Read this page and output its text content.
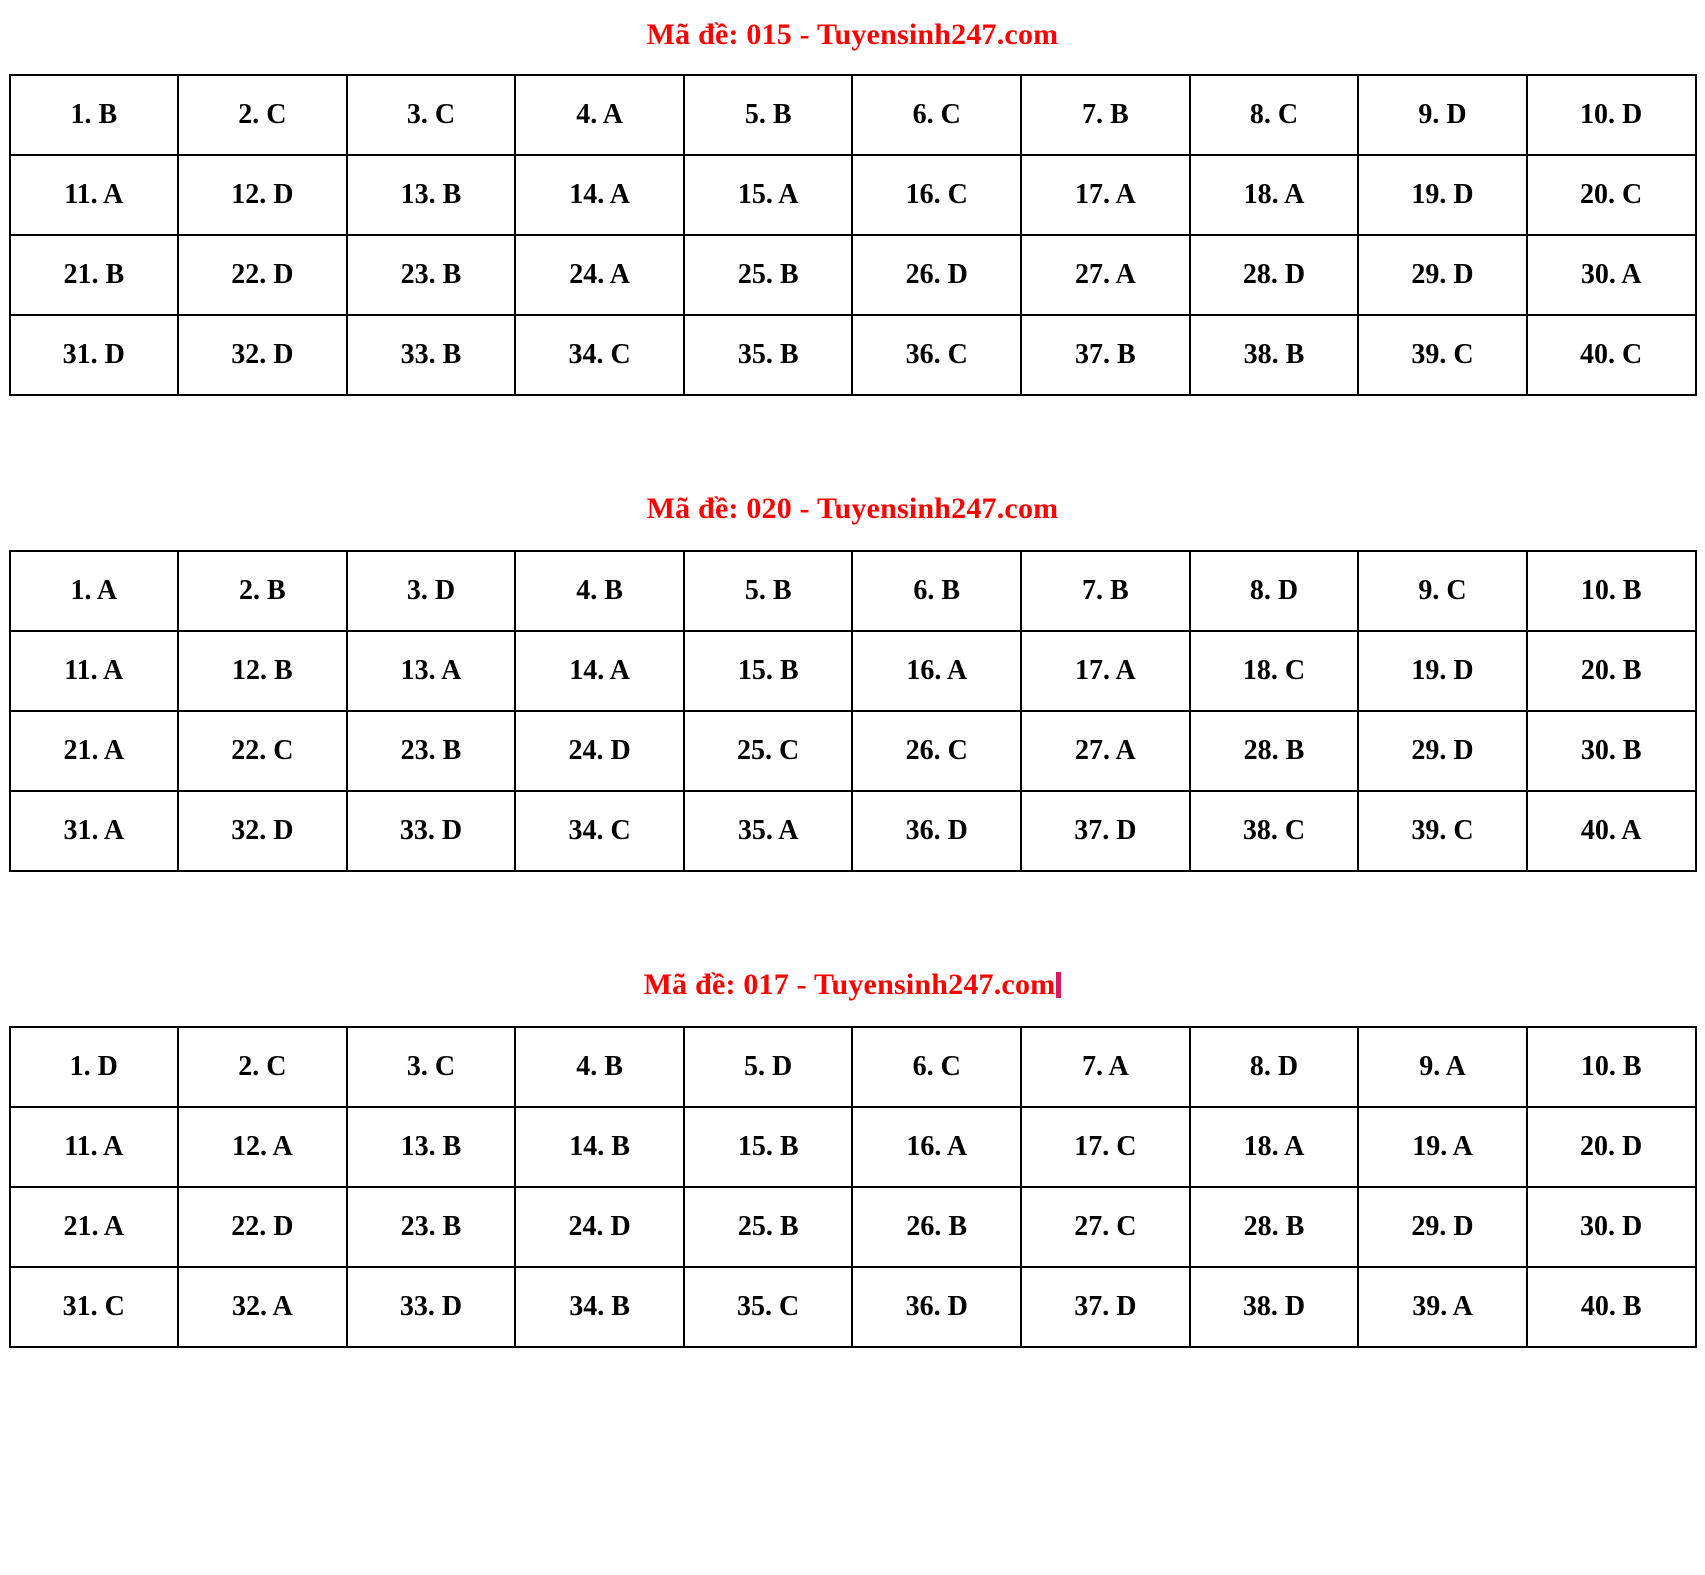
Mã đề: 015 - Tuyensinh247.com
1. B	2. C	3. C	4. A	5. B	6. C	7. B	8. C	9. D	10. D
11. A	12. D	13. B	14. A	15. A	16. C	17. A	18. A	19. D	20. C
21. B	22. D	23. B	24. A	25. B	26. D	27. A	28. D	29. D	30. A
31. D	32. D	33. B	34. C	35. B	36. C	37. B	38. B	39. C	40. C
Mã đề: 020 - Tuyensinh247.com
1. A	2. B	3. D	4. B	5. B	6. B	7. B	8. D	9. C	10. B
11. A	12. B	13. A	14. A	15. B	16. A	17. A	18. C	19. D	20. B
21. A	22. C	23. B	24. D	25. C	26. C	27. A	28. B	29. D	30. B
31. A	32. D	33. D	34. C	35. A	36. D	37. D	38. C	39. C	40. A
Mã đề: 017 - Tuyensinh247.com
1. D	2. C	3. C	4. B	5. D	6. C	7. A	8. D	9. A	10. B
11. A	12. A	13. B	14. B	15. B	16. A	17. C	18. A	19. A	20. D
21. A	22. D	23. B	24. D	25. B	26. B	27. C	28. B	29. D	30. D
31. C	32. A	33. D	34. B	35. C	36. D	37. D	38. D	39. A	40. B
